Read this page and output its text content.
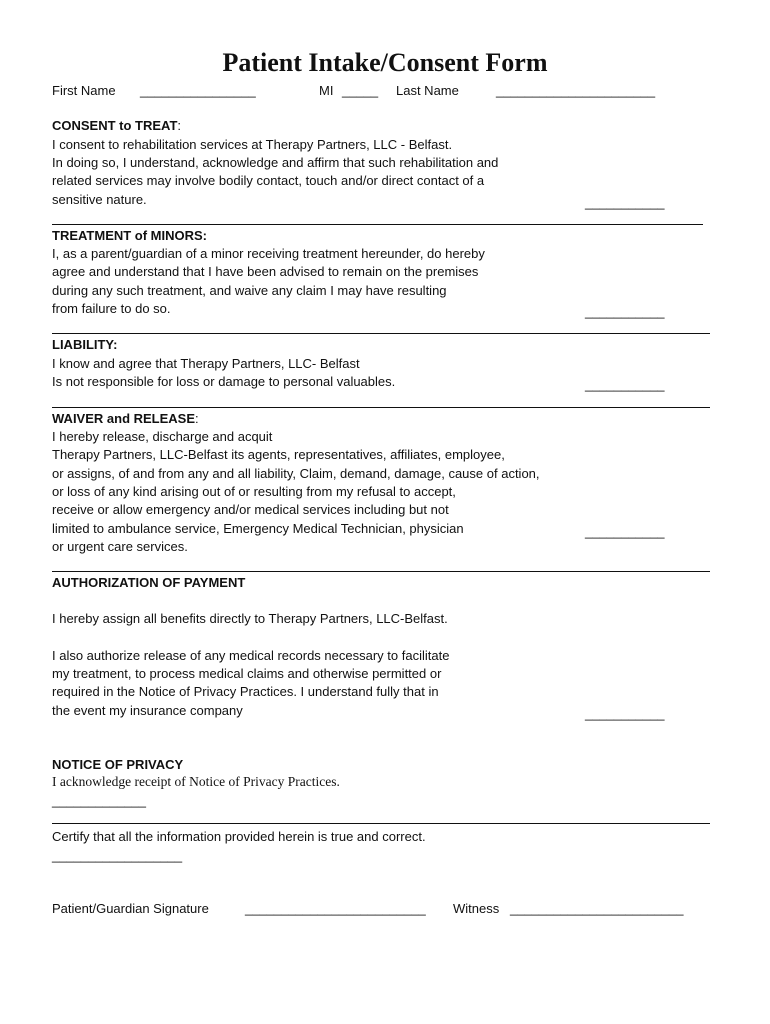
Patient Intake/Consent Form
First Name ________________	MI _____ Last Name	______________________
CONSENT to TREAT:
I consent to rehabilitation services at Therapy Partners, LLC - Belfast.
In doing so, I understand, acknowledge and affirm that such rehabilitation and
related services may involve bodily contact, touch and/or direct contact of a
sensitive nature.	___________
TREATMENT of MINORS:
I, as a parent/guardian of a minor receiving treatment hereunder, do hereby
agree and understand that I have been advised to remain on the premises
during any such treatment, and waive any claim I may have resulting
from failure to do so.	___________
LIABILITY:
I know and agree that Therapy Partners, LLC- Belfast
Is not responsible for loss or damage to personal valuables.	___________
WAIVER and RELEASE:
I hereby release, discharge and acquit
Therapy Partners, LLC-Belfast its agents, representatives, affiliates, employee,
or assigns, of and from any and all liability, Claim, demand, damage, cause of action,
or loss of any kind arising out of or resulting from my refusal to accept,
receive or allow emergency and/or medical services including but not
limited to ambulance service, Emergency Medical Technician, physician
or urgent care services.
___________
AUTHORIZATION OF PAYMENT
I hereby assign all benefits directly to Therapy Partners, LLC-Belfast.
I also authorize release of any medical records necessary to facilitate
my treatment, to process medical claims and otherwise permitted or
required in the Notice of Privacy Practices. I understand fully that in
the event my insurance company	___________
NOTICE OF PRIVACY
I acknowledge receipt of Notice of Privacy Practices.
_____________
Certify that all the information provided herein is true and correct.
__________________
Patient/Guardian Signature	_________________________ Witness ________________________
